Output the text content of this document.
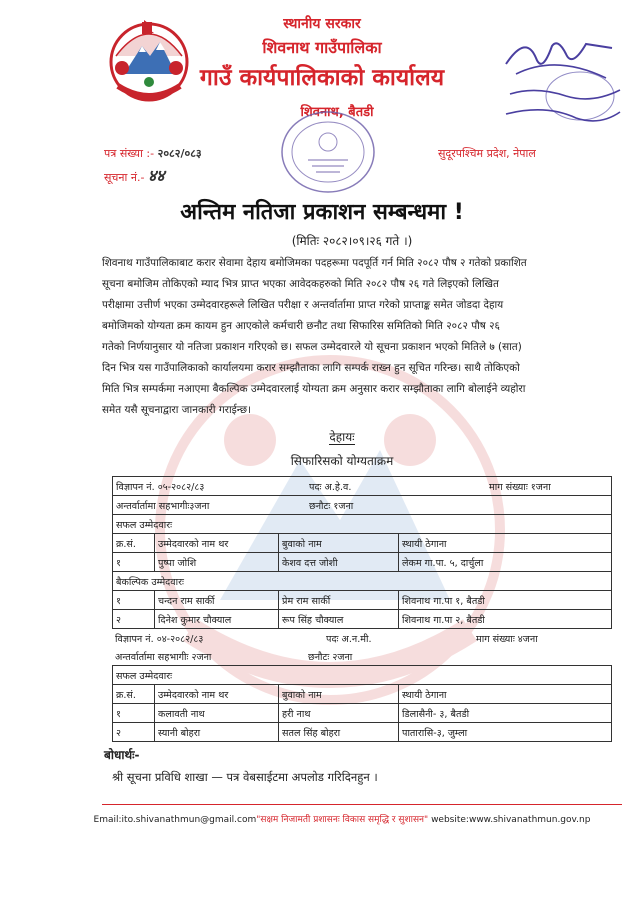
स्थानीय सरकार
शिवनाथ गाउँपालिका
गाउँ कार्यपालिकाको कार्यालय
शिवनाथ, बैतडी
पत्र संख्या :- २०८२/०८३
सूचना नं.- ४४
सुदूरपश्चिम प्रदेश, नेपाल
अन्तिम नतिजा प्रकाशन सम्बन्धमा !
(मितिः २०८२।०९।२६ गते ।)
शिवनाथ गाउँपालिकाबाट करार सेवामा देहाय बमोजिमका पदहरूमा पदपूर्ति गर्न मिति २०८२ पौष २ गतेको प्रकाशित
सूचना बमोजिम तोकिएको म्याद भित्र प्राप्त भएका आवेदकहरुको मिति २०८२ पौष २६ गते लिइएको लिखित
परीक्षामा उत्तीर्ण भएका उम्मेदवारहरूले लिखित परीक्षा र अन्तर्वार्तामा प्राप्त गरेको प्राप्ताङ्क समेत जोडदा देहाय
बमोजिमको योग्यता क्रम कायम हुन आएकोले कर्मचारी छनौट तथा सिफारिस समितिको मिति २०८२ पौष २६
गतेको निर्णयानुसार यो नतिजा प्रकाशन गरिएको छ। सफल उम्मेदवारले यो सूचना प्रकाशन भएको मितिले ७ (सात)
दिन भित्र यस गाउँपालिकाको कार्यालयमा करार सम्झौताका लागि सम्पर्क राख्न हुन सूचित गरिन्छ। साथै तोकिएको
मिति भित्र सम्पर्कमा नआएमा बैकल्पिक उम्मेदवारलाई योग्यता क्रम अनुसार करार सम्झौताका लागि बोलाईने व्यहोरा
समेत यसै सूचनाद्वारा जानकारी गराईन्छ।
देहायः
सिफारिसको योग्यताक्रम
विज्ञापन नं. ०५-२०८२/८३	पदः अ.हे.व.	माग संख्याः १जना
अन्तर्वार्तामा सहभागीः३जना	छनौटः १जना
सफल उम्मेदवारः
क्र.सं.	उम्मेदवारको नाम थर	बुवाको नाम	स्थायी ठेगाना
१	पुष्पा जोशि	केशव दत्त जोशी	लेकम गा.पा. ५, दार्चुला
बैकल्पिक उम्मेदवारः
१	चन्दन राम सार्की	प्रेम राम सार्की	शिवनाथ गा.पा १, बैतडी
२	दिनेश कुमार चौक्याल	रूप सिंह चौक्याल	शिवनाथ गा.पा २, बैतडी
विज्ञापन नं. ०४-२०८२/८३	पदः अ.न.मी.	माग संख्याः ४जना
अन्तर्वार्तामा सहभागीः २जना	छनौटः २जना
सफल उम्मेदवारः
क्र.सं.	उम्मेदवारको नाम थर	बुवाको नाम	स्थायी ठेगाना
१	कलावती नाथ	हरी नाथ	डिलासैनी- ३, बैतडी
२	स्यानी बोहरा	सतल सिंह बोहरा	पातारासि-३, जुम्ला
बोधार्थः-
श्री सूचना प्रविधि शाखा — पत्र वेबसाईटमा अपलोड गरिदिनहुन ।
Email:ito.shivanathmun@gmail.com"सक्षम निजामती प्रशासनः विकास समृद्धि र सुशासन" website:www.shivanathmun.gov.np
